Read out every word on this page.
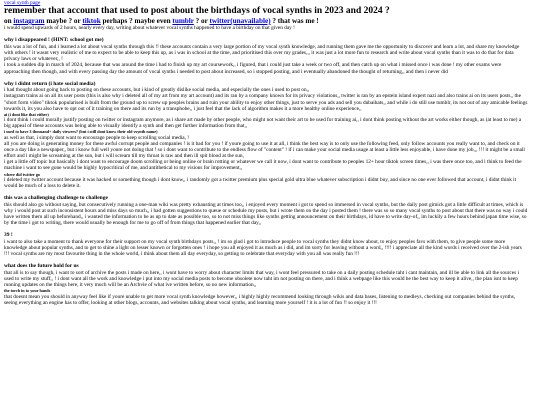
vocal synth page
remember that account that used to post about the birthdays of vocal synths in 2023 and 2024 ?
on instagram maybe ? or tiktok perhaps ? maybe even tumblr ? or twitter(unavailable) ? that was me !

i would spend upwards of 2 hours, nearly every day, writing about whatever vocal synths happened to have a birthday on that given day !

why i disappeared ! (HINT: school got me)

this was a lot of fun, and i learned a lot about vocal synths through this !! these accounts contain a very large portion of my vocal synth knowledge, and running them gave me the opportunity to discover and learn a lot, and share my knowledge with others ! it wasnt very realistic of me to expect to be able to keep this up, as i was in school at the time, and prioritised this over my grades,,, it was just a lot more fun to research and write about vocal synths than it was to do that for data privacy laws or whatever,, !

i took a sudden dip in march of 2024, because that was around the time i had to finish up my art coursework,, i figured, that i could just take a week or two off, and then catch up on what i missed once i was done ! my other exams were approaching then though, and with every passing day the amount of vocal synths i needed to post about increased, so i stopped posting, and i eventually abandoned the thought of returning,, and then i never did

why i didnt return (i hate social media)

i had thought about going back to posting on these accounts, but i kind of greatly dislike social media, and especially the ones i used to post on,,

instagram trains ai on all its user posts (this is also why i deleted all of my art from my art account) and its ran by a company known for its privacy violations,, twitter is ran by an epstein island expert nazi and also trains ai on its users posts,, the "short form video" tiktok popularised is built from the ground up to screw up peoples brains and ruin your ability to enjoy other things, just to serve you ads and sell you dubaihats,, and while i do still use tumblr, its not out of any amicable feelings towards it, its you also have to opt out of it training on there and its run by a transphobe,, i just feel that the lack of algorithm makes it a more healthy online experience,,

ai (i dont like that either)

i dont think i could morally justify posting on twitter or instagram anymore, as i share art made by other people, who might not want their art to be used for training ai,, i dont think posting without the art works either though, as (at least to me) a big appeal of these accounts was being able to visually identify a synth and then get further information from that,,

i used to have 3 thousand+ daily viewers? (but i still dont know their old vsynth name)

as well as that, i simply dont want to encourage people to keep scrolling social media, !

all you are doing is generating money for these awful corrupt people and companies ! is it bad for you ! if youre going to use it at all, i think the best way is to only use the following feed, only follow accounts you really want to, and check on it once a day like a newspaper,, but i know full well youre not doing that ! so i dont want to contribute to the endless flow of "content" ! if i can make your social media usage at least a little less enjoyable, i have done my job,,, !!! it might be a small effort and i might be screaming at the sun, but i will scream till my throat is raw and then ill spit blood at the sun,

i get a little off topic but basically i dont want to encourage doom scrolling or being online or brain rotting or whatever we call it now, i dont want to contribute to peoples 12+ hour tiktok screen times,, i was there once too, and i think to feed the machine i want to see gone would be highly hypocritical of me, and antithetical to my visions for improvement,,

where did twitter go

i deleted my twitter account because it was hacked or something though i dont know,, i randomly got a twitter premium plus special gold ultra blue whatever subscription i didnt buy, and since no one ever followed that account, i didnt think it would be much of a loss to delete it.

this was a challenging challenge to challenge

this should also go without saying, but consecutively running a one-man wiki was pretty exhausting at times too,, i enjoyed every moment i got to spend so immersed in vocal synths, but the daily post gimick got a little difficult at times, which is why i would post at such inconsistent hours and miss days so much,, i had gotten suggestions to queue or schedule my posts, but i wrote them on the day i posted them ! there was so so many vocal synths to post about that there was no way i could have written them all up beforehand,, i wanted the information to be as up to date as possible too, so to not miss things like synths getting announcement on their birthdays, id have to write day-of,, im luckily a few hours behind japan time wise, so by the time i got to writing, there would usually be enough for me to go off of from things that happened earlier that day,,

39 !

i want to also take a moment to thank everyone for their support on my vocal synth birthdays posts,, ! im so glad i got to introduce people to vocal synths they didnt know about, to enjoy peoples favs with them, to give people some more knowledge about popular synths, and to get to shine a light on lesser known or forgotten ones ! i hope you all enjoyed it as much as i did, and im sorry for leaving without a word,, !!!! i appreciate all the kind words i received over the 2-ish years !!! vocal synths are my most favourite thing in the whole world, i think about them all day everyday, so getting to celebrate that everyday with you all was really fun !!!

what does the future hold for us

that all is to say though, i want to sort of archive the posts i made on here,, i wont have to worry about character limits that way, i wont feel pressured to take on a daily posting schedule taht i cant maintain, and ill be able to link all the sources i used to write my stuff,, ! i dont want all the work and knowledge i put into my social media posts to become obsolete now taht im not posting on there, and i think a webpage like this would be the best way to keep it alive,, the plan isnt to keep running updates on the things here, it very much will be an Archvie of what ive written before, so no new information,,

the torch in to your hands

that doesnt mean you should in anyway feel like if youre unable to get more vocal synth knowledge however,, i highly highly recommend looking through wikis and data bases, listening to medleys, checking out companies behind the synths, seeing everything an engine has to offer, looking at other blogs, accounts, and websites talking about vocal synths, and learning more yourself ! it is a lot of fun !! so enjoy it !!!
